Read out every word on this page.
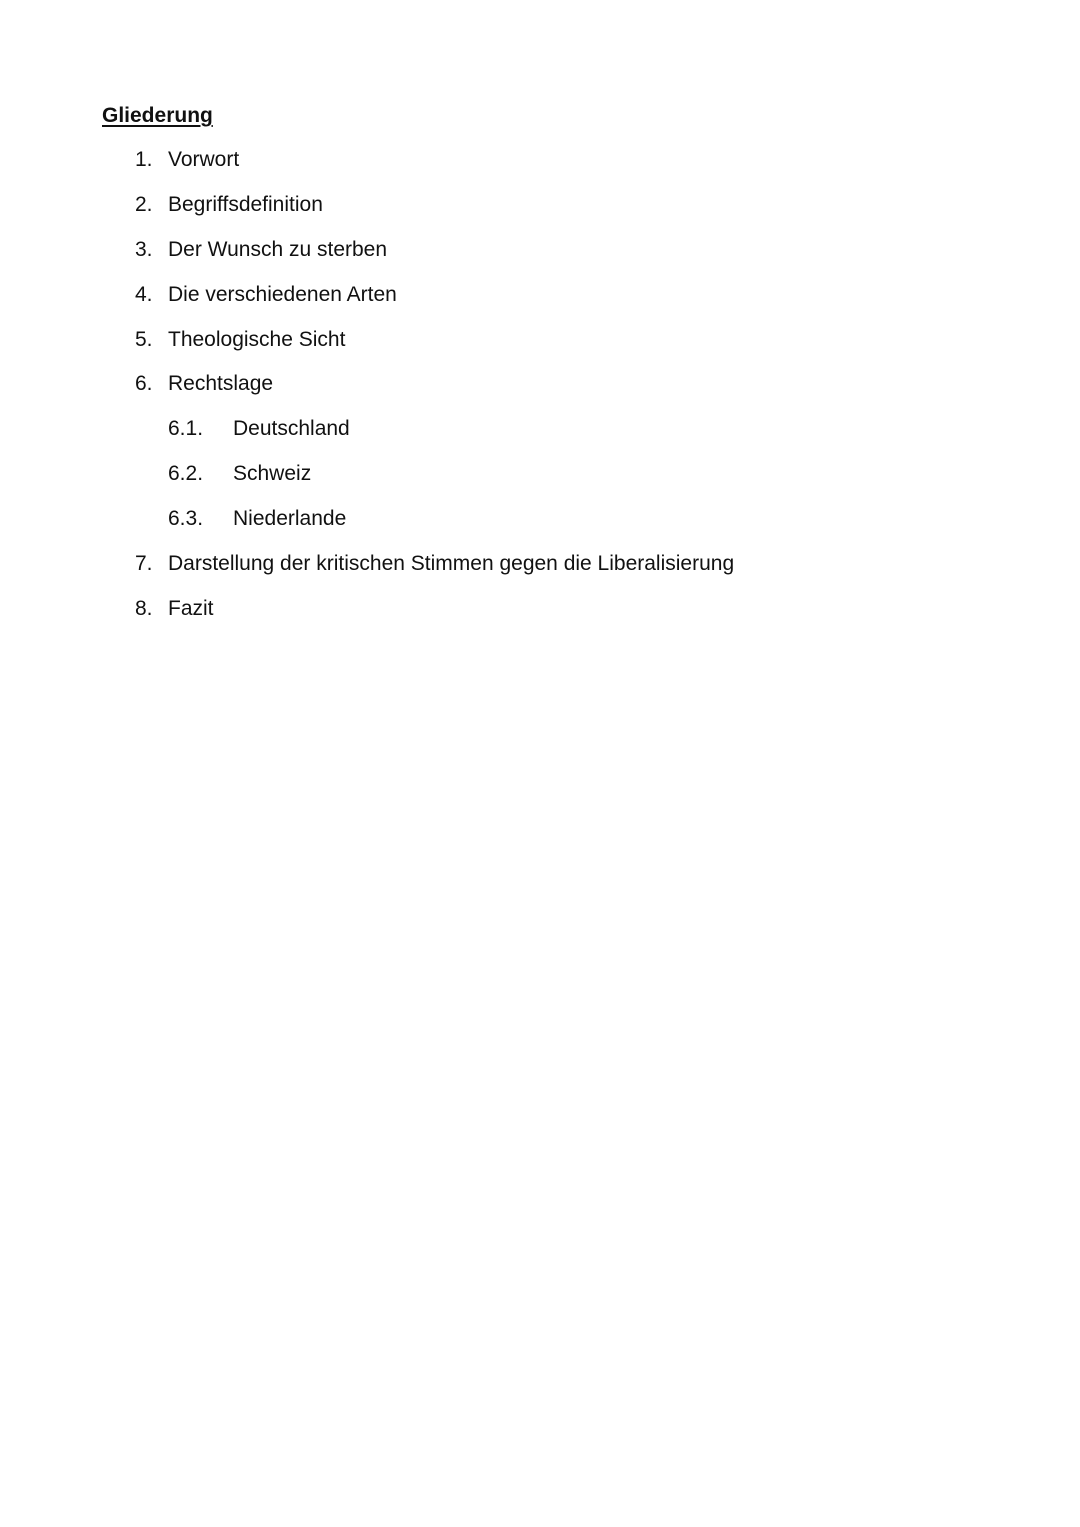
Gliederung
1. Vorwort
2. Begriffsdefinition
3. Der Wunsch zu sterben
4. Die verschiedenen Arten
5. Theologische Sicht
6. Rechtslage
6.1. Deutschland
6.2. Schweiz
6.3. Niederlande
7. Darstellung der kritischen Stimmen gegen die Liberalisierung
8. Fazit
